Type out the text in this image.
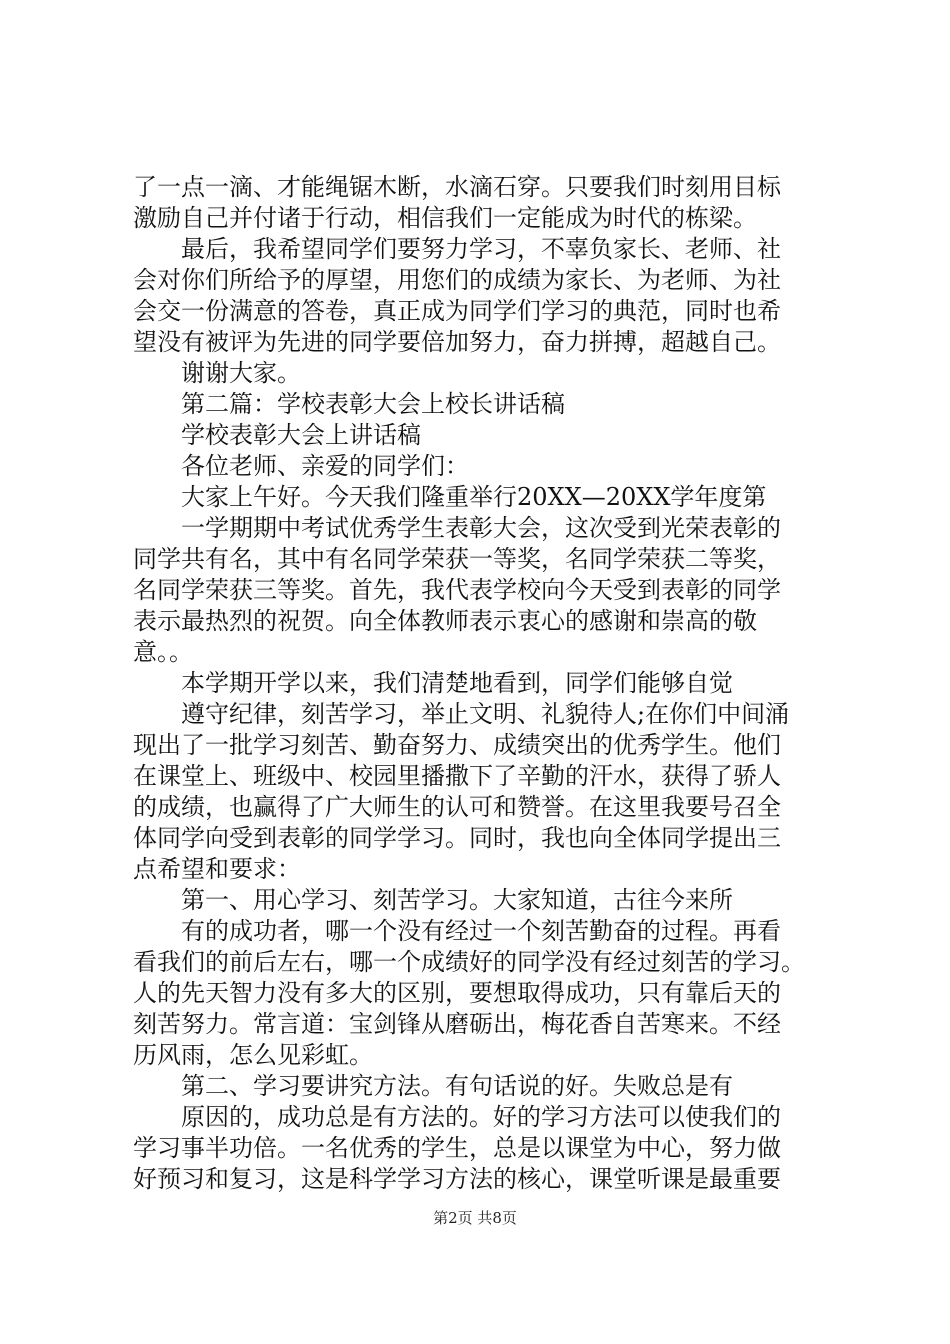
了一点一滴、才能绳锯木断，水滴石穿。只要我们时刻用目标
激励自己并付诸于行动，相信我们一定能成为时代的栋梁。
最后，我希望同学们要努力学习，不辜负家长、老师、社
会对你们所给予的厚望，用您们的成绩为家长、为老师、为社
会交一份满意的答卷，真正成为同学们学习的典范，同时也希
望没有被评为先进的同学要倍加努力，奋力拼搏，超越自己。
谢谢大家。
第二篇：学校表彰大会上校长讲话稿
学校表彰大会上讲话稿
各位老师、亲爱的同学们：
大家上午好。今天我们隆重举行20XX—20XX学年度第
一学期期中考试优秀学生表彰大会，这次受到光荣表彰的
同学共有名，其中有名同学荣获一等奖，名同学荣获二等奖，
名同学荣获三等奖。首先，我代表学校向今天受到表彰的同学
表示最热烈的祝贺。向全体教师表示衷心的感谢和崇高的敬
意。。
本学期开学以来，我们清楚地看到，同学们能够自觉
遵守纪律，刻苦学习，举止文明、礼貌待人;在你们中间涌
现出了一批学习刻苦、勤奋努力、成绩突出的优秀学生。他们
在课堂上、班级中、校园里播撒下了辛勤的汗水，获得了骄人
的成绩，也赢得了广大师生的认可和赞誉。在这里我要号召全
体同学向受到表彰的同学学习。同时，我也向全体同学提出三
点希望和要求：
第一、用心学习、刻苦学习。大家知道，古往今来所
有的成功者，哪一个没有经过一个刻苦勤奋的过程。再看
看我们的前后左右，哪一个成绩好的同学没有经过刻苦的学习。
人的先天智力没有多大的区别，要想取得成功，只有靠后天的
刻苦努力。常言道：宝剑锋从磨砺出，梅花香自苦寒来。不经
历风雨，怎么见彩虹。
第二、学习要讲究方法。有句话说的好。失败总是有
原因的，成功总是有方法的。好的学习方法可以使我们的
学习事半功倍。一名优秀的学生，总是以课堂为中心，努力做
好预习和复习，这是科学学习方法的核心，课堂听课是最重要
第2页 共8页
